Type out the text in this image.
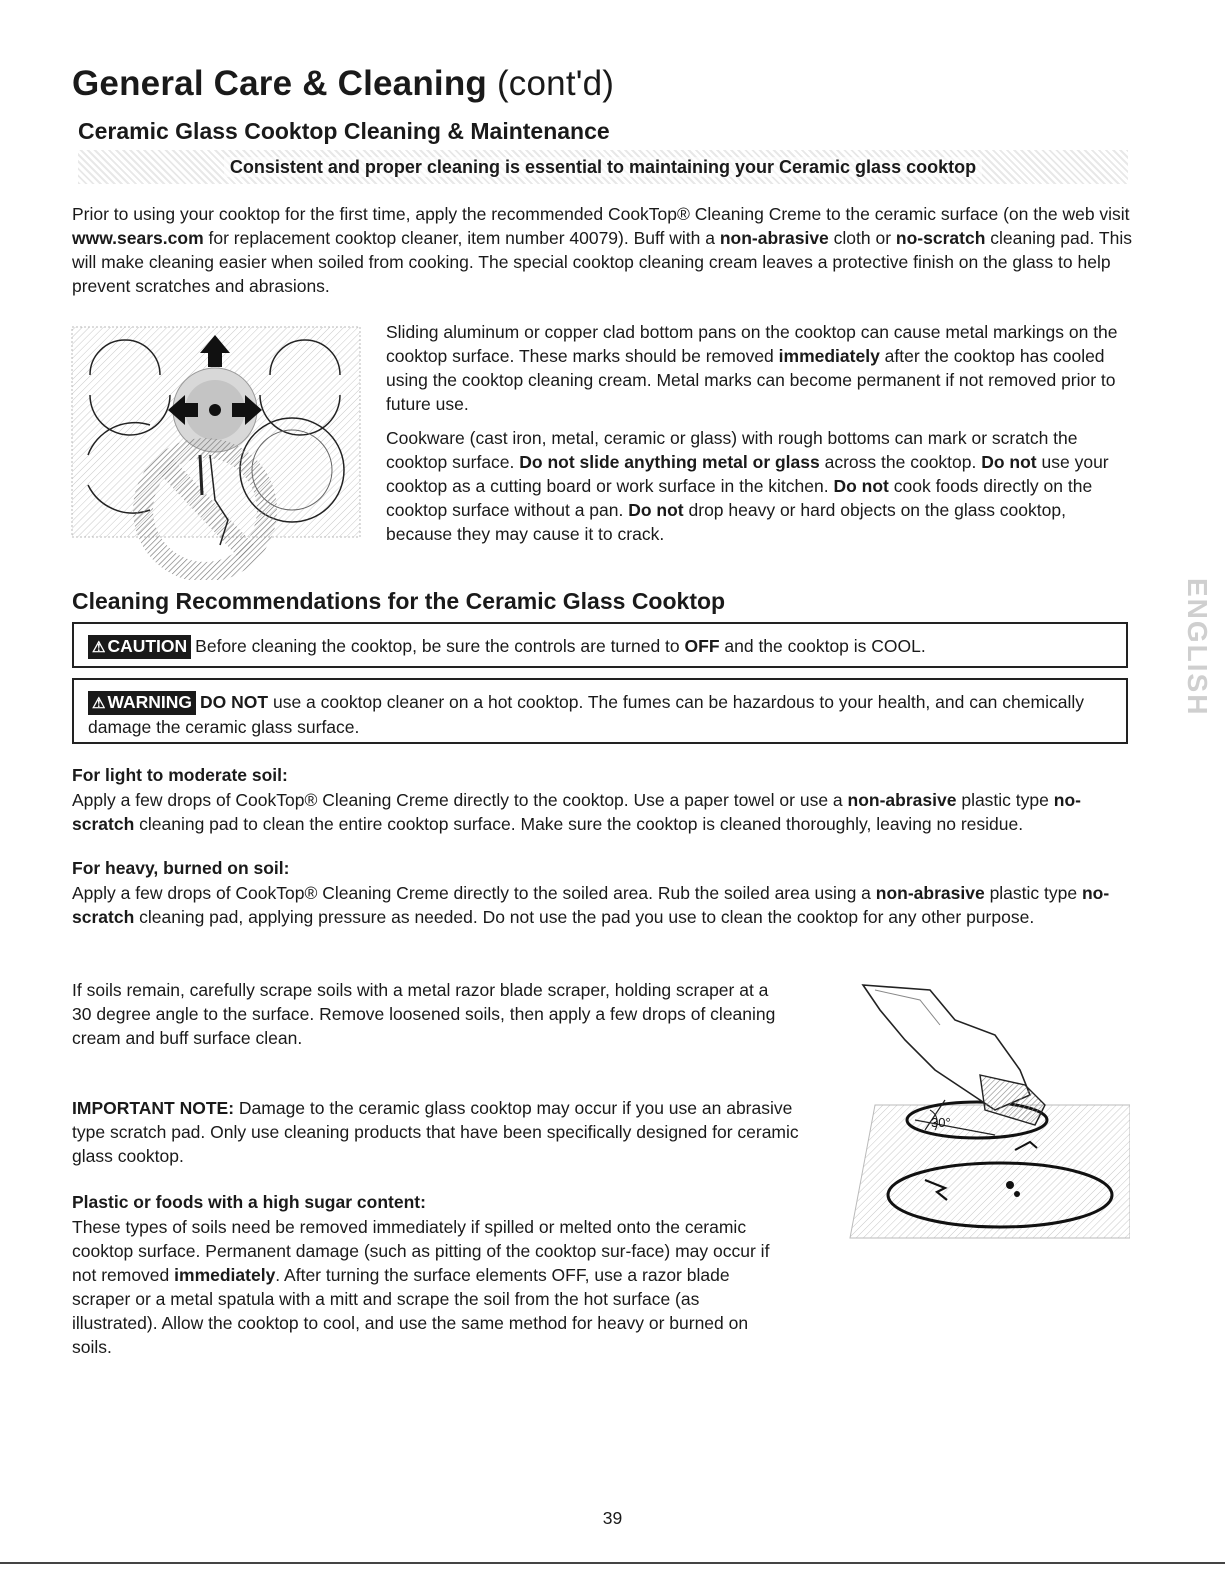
General Care & Cleaning (cont'd)
Ceramic Glass Cooktop Cleaning & Maintenance
Consistent and proper cleaning is essential to maintaining your Ceramic glass cooktop

Prior to using your cooktop for the first time, apply the recommended CookTop® Cleaning Creme to the ceramic surface (on the web visit www.sears.com for replacement cooktop cleaner, item number 40079). Buff with a non-abrasive cloth or no-scratch cleaning pad. This will make cleaning easier when soiled from cooking. The special cooktop cleaning cream leaves a protective finish on the glass to help prevent scratches and abrasions.

Sliding aluminum or copper clad bottom pans on the cooktop can cause metal markings on the cooktop surface. These marks should be removed immediately after the cooktop has cooled using the cooktop cleaning cream. Metal marks can become permanent if not removed prior to future use.

Cookware (cast iron, metal, ceramic or glass) with rough bottoms can mark or scratch the cooktop surface. Do not slide anything metal or glass across the cooktop. Do not use your cooktop as a cutting board or work surface in the kitchen. Do not cook foods directly on the cooktop surface without a pan. Do not drop heavy or hard objects on the glass cooktop, because they may cause it to crack.

Cleaning Recommendations for the Ceramic Glass Cooktop
⚠ CAUTION Before cleaning the cooktop, be sure the controls are turned to OFF and the cooktop is COOL.
⚠ WARNING DO NOT use a cooktop cleaner on a hot cooktop. The fumes can be hazardous to your health, and can chemically damage the ceramic glass surface.

For light to moderate soil:

Apply a few drops of CookTop® Cleaning Creme directly to the cooktop. Use a paper towel or use a non-abrasive plastic type no-scratch cleaning pad to clean the entire cooktop surface. Make sure the cooktop is cleaned thoroughly, leaving no residue.

For heavy, burned on soil:

Apply a few drops of CookTop® Cleaning Creme directly to the soiled area. Rub the soiled area using a non-abrasive plastic type no-scratch cleaning pad, applying pressure as needed. Do not use the pad you use to clean the cooktop for any other purpose.

If soils remain, carefully scrape soils with a metal razor blade scraper, holding scraper at a 30 degree angle to the surface. Remove loosened soils, then apply a few drops of cleaning cream and buff surface clean.

IMPORTANT NOTE: Damage to the ceramic glass cooktop may occur if you use an abrasive type scratch pad. Only use cleaning products that have been specifically designed for ceramic glass cooktop.

Plastic or foods with a high sugar content:

These types of soils need be removed immediately if spilled or melted onto the ceramic cooktop surface. Permanent damage (such as pitting of the cooktop sur-face) may occur if not removed immediately. After turning the surface elements OFF, use a razor blade scraper or a metal spatula with a mitt and scrape the soil from the hot surface (as illustrated). Allow the cooktop to cool, and use the same method for heavy or burned on soils.

30°
ENGLISH
39
